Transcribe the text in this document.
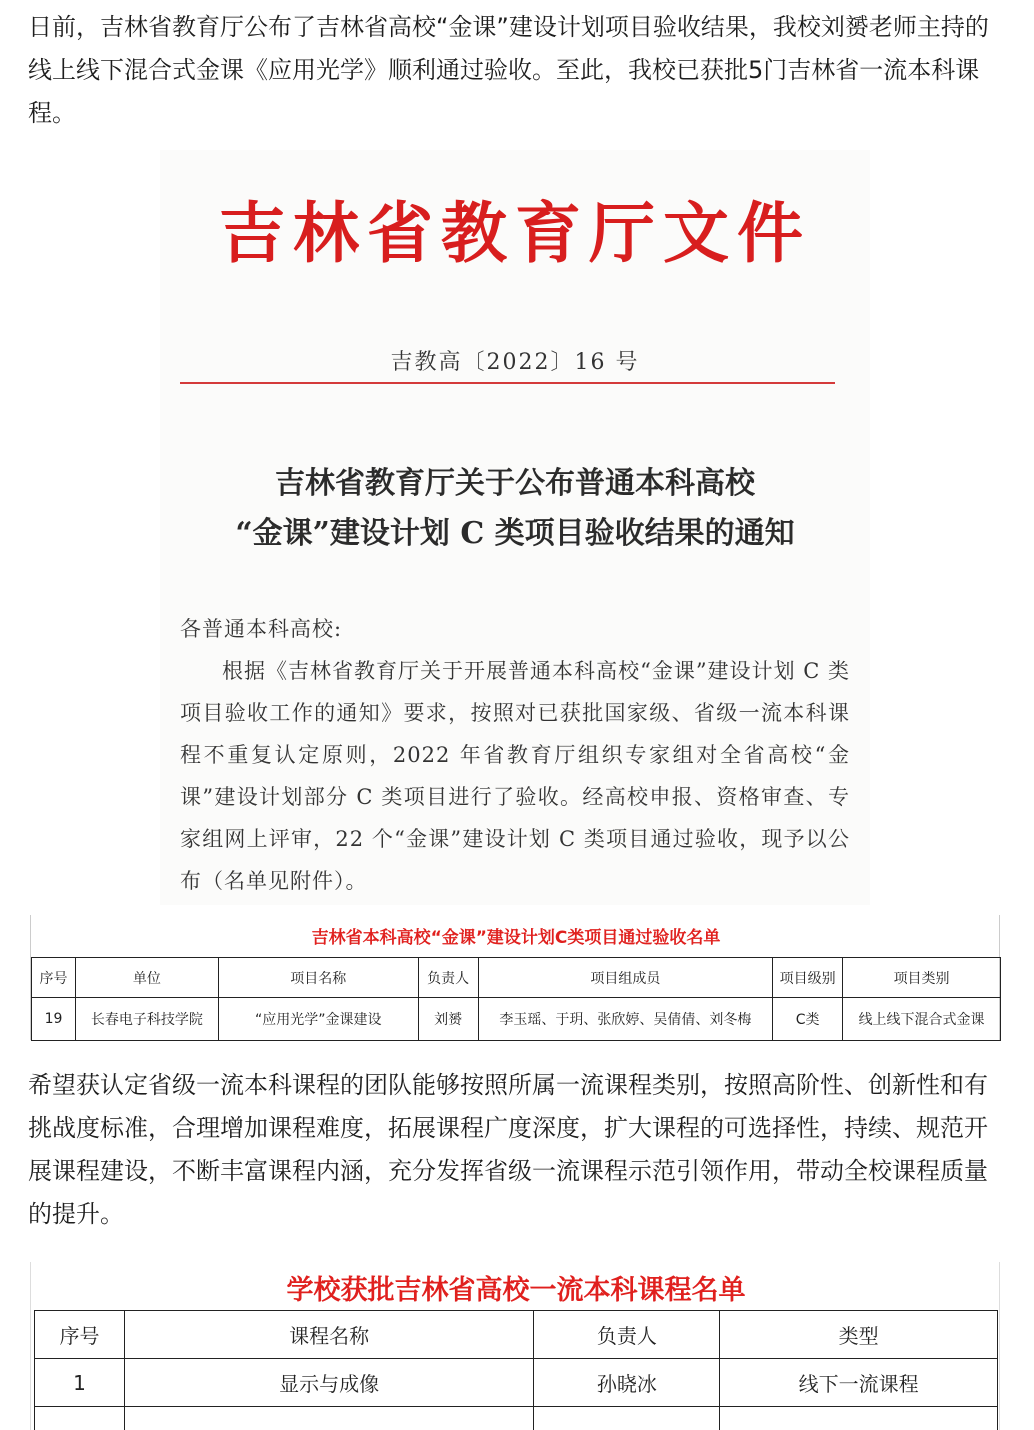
日前，吉林省教育厅公布了吉林省高校“金课”建设计划项目验收结果，我校刘赟老师主持的线上线下混合式金课《应用光学》顺利通过验收。至此，我校已获批5门吉林省一流本科课程。

吉林省教育厅文件
吉教高〔2022〕16 号
吉林省教育厅关于公布普通本科高校
“金课”建设计划 C 类项目验收结果的通知
各普通本科高校:
根据《吉林省教育厅关于开展普通本科高校“金课”建设计划 C 类项目验收工作的通知》要求，按照对已获批国家级、省级一流本科课程不重复认定原则，2022 年省教育厅组织专家组对全省高校“金课”建设计划部分 C 类项目进行了验收。经高校申报、资格审查、专家组网上评审，22 个“金课”建设计划 C 类项目通过验收，现予以公布（名单见附件）。
吉林省本科高校“金课”建设计划C类项目通过验收名单
序号	单位	项目名称	负责人	项目组成员	项目级别	项目类别
19	长春电子科技学院	“应用光学”金课建设	刘赟	李玉瑶、于玥、张欣婷、吴倩倩、刘冬梅	C类	线上线下混合式金课

希望获认定省级一流本科课程的团队能够按照所属一流课程类别，按照高阶性、创新性和有挑战度标准，合理增加课程难度，拓展课程广度深度，扩大课程的可选择性，持续、规范开展课程建设，不断丰富课程内涵，充分发挥省级一流课程示范引领作用，带动全校课程质量的提升。

学校获批吉林省高校一流本科课程名单
序号	课程名称	负责人	类型
1	显示与成像	孙晓冰	线下一流课程
